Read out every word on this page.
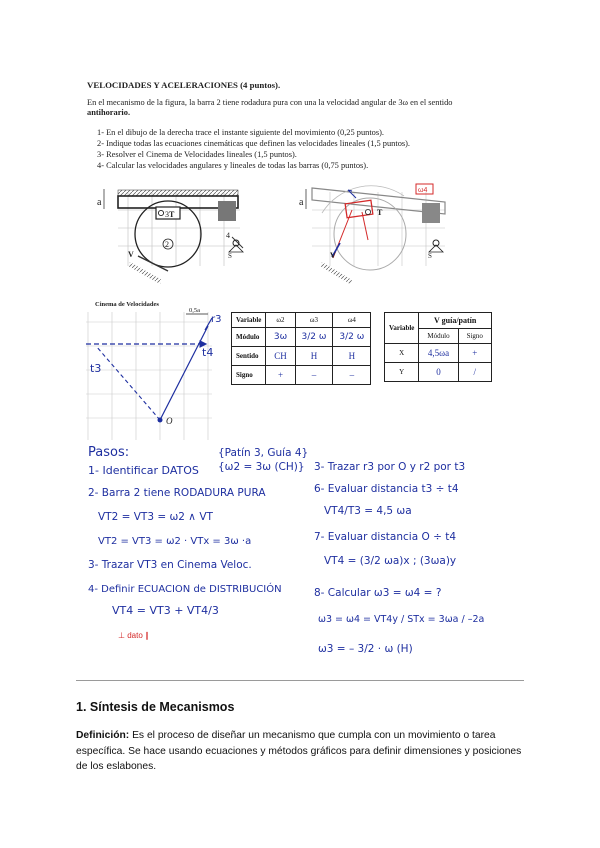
VELOCIDADES Y ACELERACIONES (4 puntos).
En el mecanismo de la figura, la barra 2 tiene rodadura pura con una la velocidad angular de 3ω en el sentido
antihorario.
1- En el dibujo de la derecha trace el instante siguiente del movimiento (0,25 puntos).
2- Indique todas las ecuaciones cinemáticas que definen las velocidades lineales (1,5 puntos).
3- Resolver el Cinema de Velocidades lineales (1,5 puntos).
4- Calcular las velocidades angulares y lineales de todas las barras (0,75 puntos).
a
3 T
2
4
V	S
a
T
ω4
V	S
Cinema de Velocidades
0,5a
r3
t4
t3
O
Pasos:	{Patín 3, Guía 4}
{ω2 = 3ω (CH)}
1- Identificar DATOS
2- Barra 2 tiene RODADURA PURA
VT2 = VT3 = ω2 ∧ VT
VT2 = VT3 = ω2 · VTx = 3ω ·a
3- Trazar VT3 en Cinema Veloc.
4- Definir ECUACION de DISTRIBUCIÓN
VT4 = VT3 + VT4/3
⊥ dato ∥
3- Trazar r3 por O y r2 por t3
6- Evaluar distancia t3 ÷ t4
VT4/T3 = 4,5 ωa
7- Evaluar distancia O ÷ t4
VT4 = (3/2 ωa)x ; (3ωa)y
8- Calcular ω3 = ω4 = ?
ω3 = ω4 = VT4y / STx = 3ωa / –2a
ω3 = – 3/2 · ω (H)
Variable	ω2	ω3	ω4
Módulo	3ω	3/2 ω	3/2 ω
Sentido	CH	H	H
Signo	+	–	–
Variable	V guía/patín	
	Módulo	Signo
X	4,5ωa	+
Y	0	/
1. Síntesis de Mecanismos
Definición: Es el proceso de diseñar un mecanismo que cumpla con un movimiento o tarea específica. Se hace usando ecuaciones y métodos gráficos para definir dimensiones y posiciones de los eslabones.
